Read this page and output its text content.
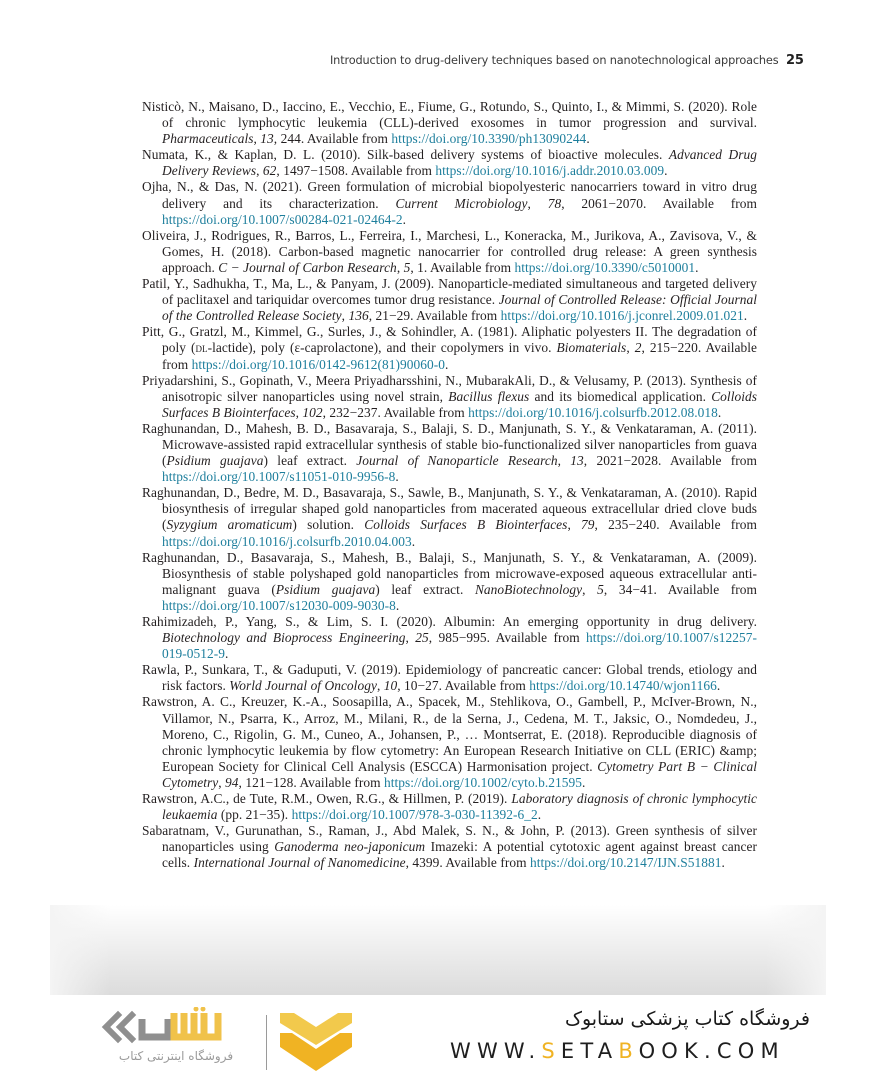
Introduction to drug-delivery techniques based on nanotechnological approaches 25

Nisticò, N., Maisano, D., Iaccino, E., Vecchio, E., Fiume, G., Rotundo, S., Quinto, I., & Mimmi, S. (2020). Role of chronic lymphocytic leukemia (CLL)-derived exosomes in tumor progression and survival. Pharmaceuticals, 13, 244. Available from https://doi.org/10.3390/ph13090244.

Numata, K., & Kaplan, D. L. (2010). Silk-based delivery systems of bioactive molecules. Advanced Drug Delivery Reviews, 62, 1497−1508. Available from https://doi.org/10.1016/j.addr.2010.03.009.

Ojha, N., & Das, N. (2021). Green formulation of microbial biopolyesteric nanocarriers toward in vitro drug delivery and its characterization. Current Microbiology, 78, 2061−2070. Available from https://doi.org/10.1007/s00284-021-02464-2.

Oliveira, J., Rodrigues, R., Barros, L., Ferreira, I., Marchesi, L., Koneracka, M., Jurikova, A., Zavisova, V., & Gomes, H. (2018). Carbon-based magnetic nanocarrier for controlled drug release: A green synthesis approach. C − Journal of Carbon Research, 5, 1. Available from https://doi.org/10.3390/c5010001.

Patil, Y., Sadhukha, T., Ma, L., & Panyam, J. (2009). Nanoparticle-mediated simultaneous and targeted delivery of paclitaxel and tariquidar overcomes tumor drug resistance. Journal of Controlled Release: Official Journal of the Controlled Release Society, 136, 21−29. Available from https://doi.org/10.1016/j.jconrel.2009.01.021.

Pitt, G., Gratzl, M., Kimmel, G., Surles, J., & Sohindler, A. (1981). Aliphatic polyesters II. The degradation of poly (dl-lactide), poly (ε-caprolactone), and their copolymers in vivo. Biomaterials, 2, 215−220. Available from https://doi.org/10.1016/0142-9612(81)90060-0.

Priyadarshini, S., Gopinath, V., Meera Priyadharsshini, N., MubarakAli, D., & Velusamy, P. (2013). Synthesis of anisotropic silver nanoparticles using novel strain, Bacillus flexus and its biomedical application. Colloids Surfaces B Biointerfaces, 102, 232−237. Available from https://doi.org/10.1016/j.colsurfb.2012.08.018.

Raghunandan, D., Mahesh, B. D., Basavaraja, S., Balaji, S. D., Manjunath, S. Y., & Venkataraman, A. (2011). Microwave-assisted rapid extracellular synthesis of stable bio-functionalized silver nanoparticles from guava (Psidium guajava) leaf extract. Journal of Nanoparticle Research, 13, 2021−2028. Available from https://doi.org/10.1007/s11051-010-9956-8.

Raghunandan, D., Bedre, M. D., Basavaraja, S., Sawle, B., Manjunath, S. Y., & Venkataraman, A. (2010). Rapid biosynthesis of irregular shaped gold nanoparticles from macerated aqueous extracellular dried clove buds (Syzygium aromaticum) solution. Colloids Surfaces B Biointerfaces, 79, 235−240. Available from https://doi.org/10.1016/j.colsurfb.2010.04.003.

Raghunandan, D., Basavaraja, S., Mahesh, B., Balaji, S., Manjunath, S. Y., & Venkataraman, A. (2009). Biosynthesis of stable polyshaped gold nanoparticles from microwave-exposed aqueous extracellular anti-malignant guava (Psidium guajava) leaf extract. NanoBiotechnology, 5, 34−41. Available from https://doi.org/10.1007/s12030-009-9030-8.

Rahimizadeh, P., Yang, S., & Lim, S. I. (2020). Albumin: An emerging opportunity in drug delivery. Biotechnology and Bioprocess Engineering, 25, 985−995. Available from https://doi.org/10.1007/s12257-019-0512-9.

Rawla, P., Sunkara, T., & Gaduputi, V. (2019). Epidemiology of pancreatic cancer: Global trends, etiology and risk factors. World Journal of Oncology, 10, 10−27. Available from https://doi.org/10.14740/wjon1166.

Rawstron, A. C., Kreuzer, K.-A., Soosapilla, A., Spacek, M., Stehlikova, O., Gambell, P., McIver-Brown, N., Villamor, N., Psarra, K., Arroz, M., Milani, R., de la Serna, J., Cedena, M. T., Jaksic, O., Nomdedeu, J., Moreno, C., Rigolin, G. M., Cuneo, A., Johansen, P., … Montserrat, E. (2018). Reproducible diagnosis of chronic lymphocytic leukemia by flow cytometry: An European Research Initiative on CLL (ERIC) &amp; European Society for Clinical Cell Analysis (ESCCA) Harmonisation project. Cytometry Part B − Clinical Cytometry, 94, 121−128. Available from https://doi.org/10.1002/cyto.b.21595.

Rawstron, A.C., de Tute, R.M., Owen, R.G., & Hillmen, P. (2019). Laboratory diagnosis of chronic lymphocytic leukaemia (pp. 21−35). https://doi.org/10.1007/978-3-030-11392-6_2.

Sabaratnam, V., Gurunathan, S., Raman, J., Abd Malek, S. N., & John, P. (2013). Green synthesis of silver nanoparticles using Ganoderma neo-japonicum Imazeki: A potential cytotoxic agent against breast cancer cells. International Journal of Nanomedicine, 4399. Available from https://doi.org/10.2147/IJN.S51881.

فروشگاه اینترنتی کتاب
فروشگاه کتاب پزشکی ستابوک
WWW.SETABOOK.COM
